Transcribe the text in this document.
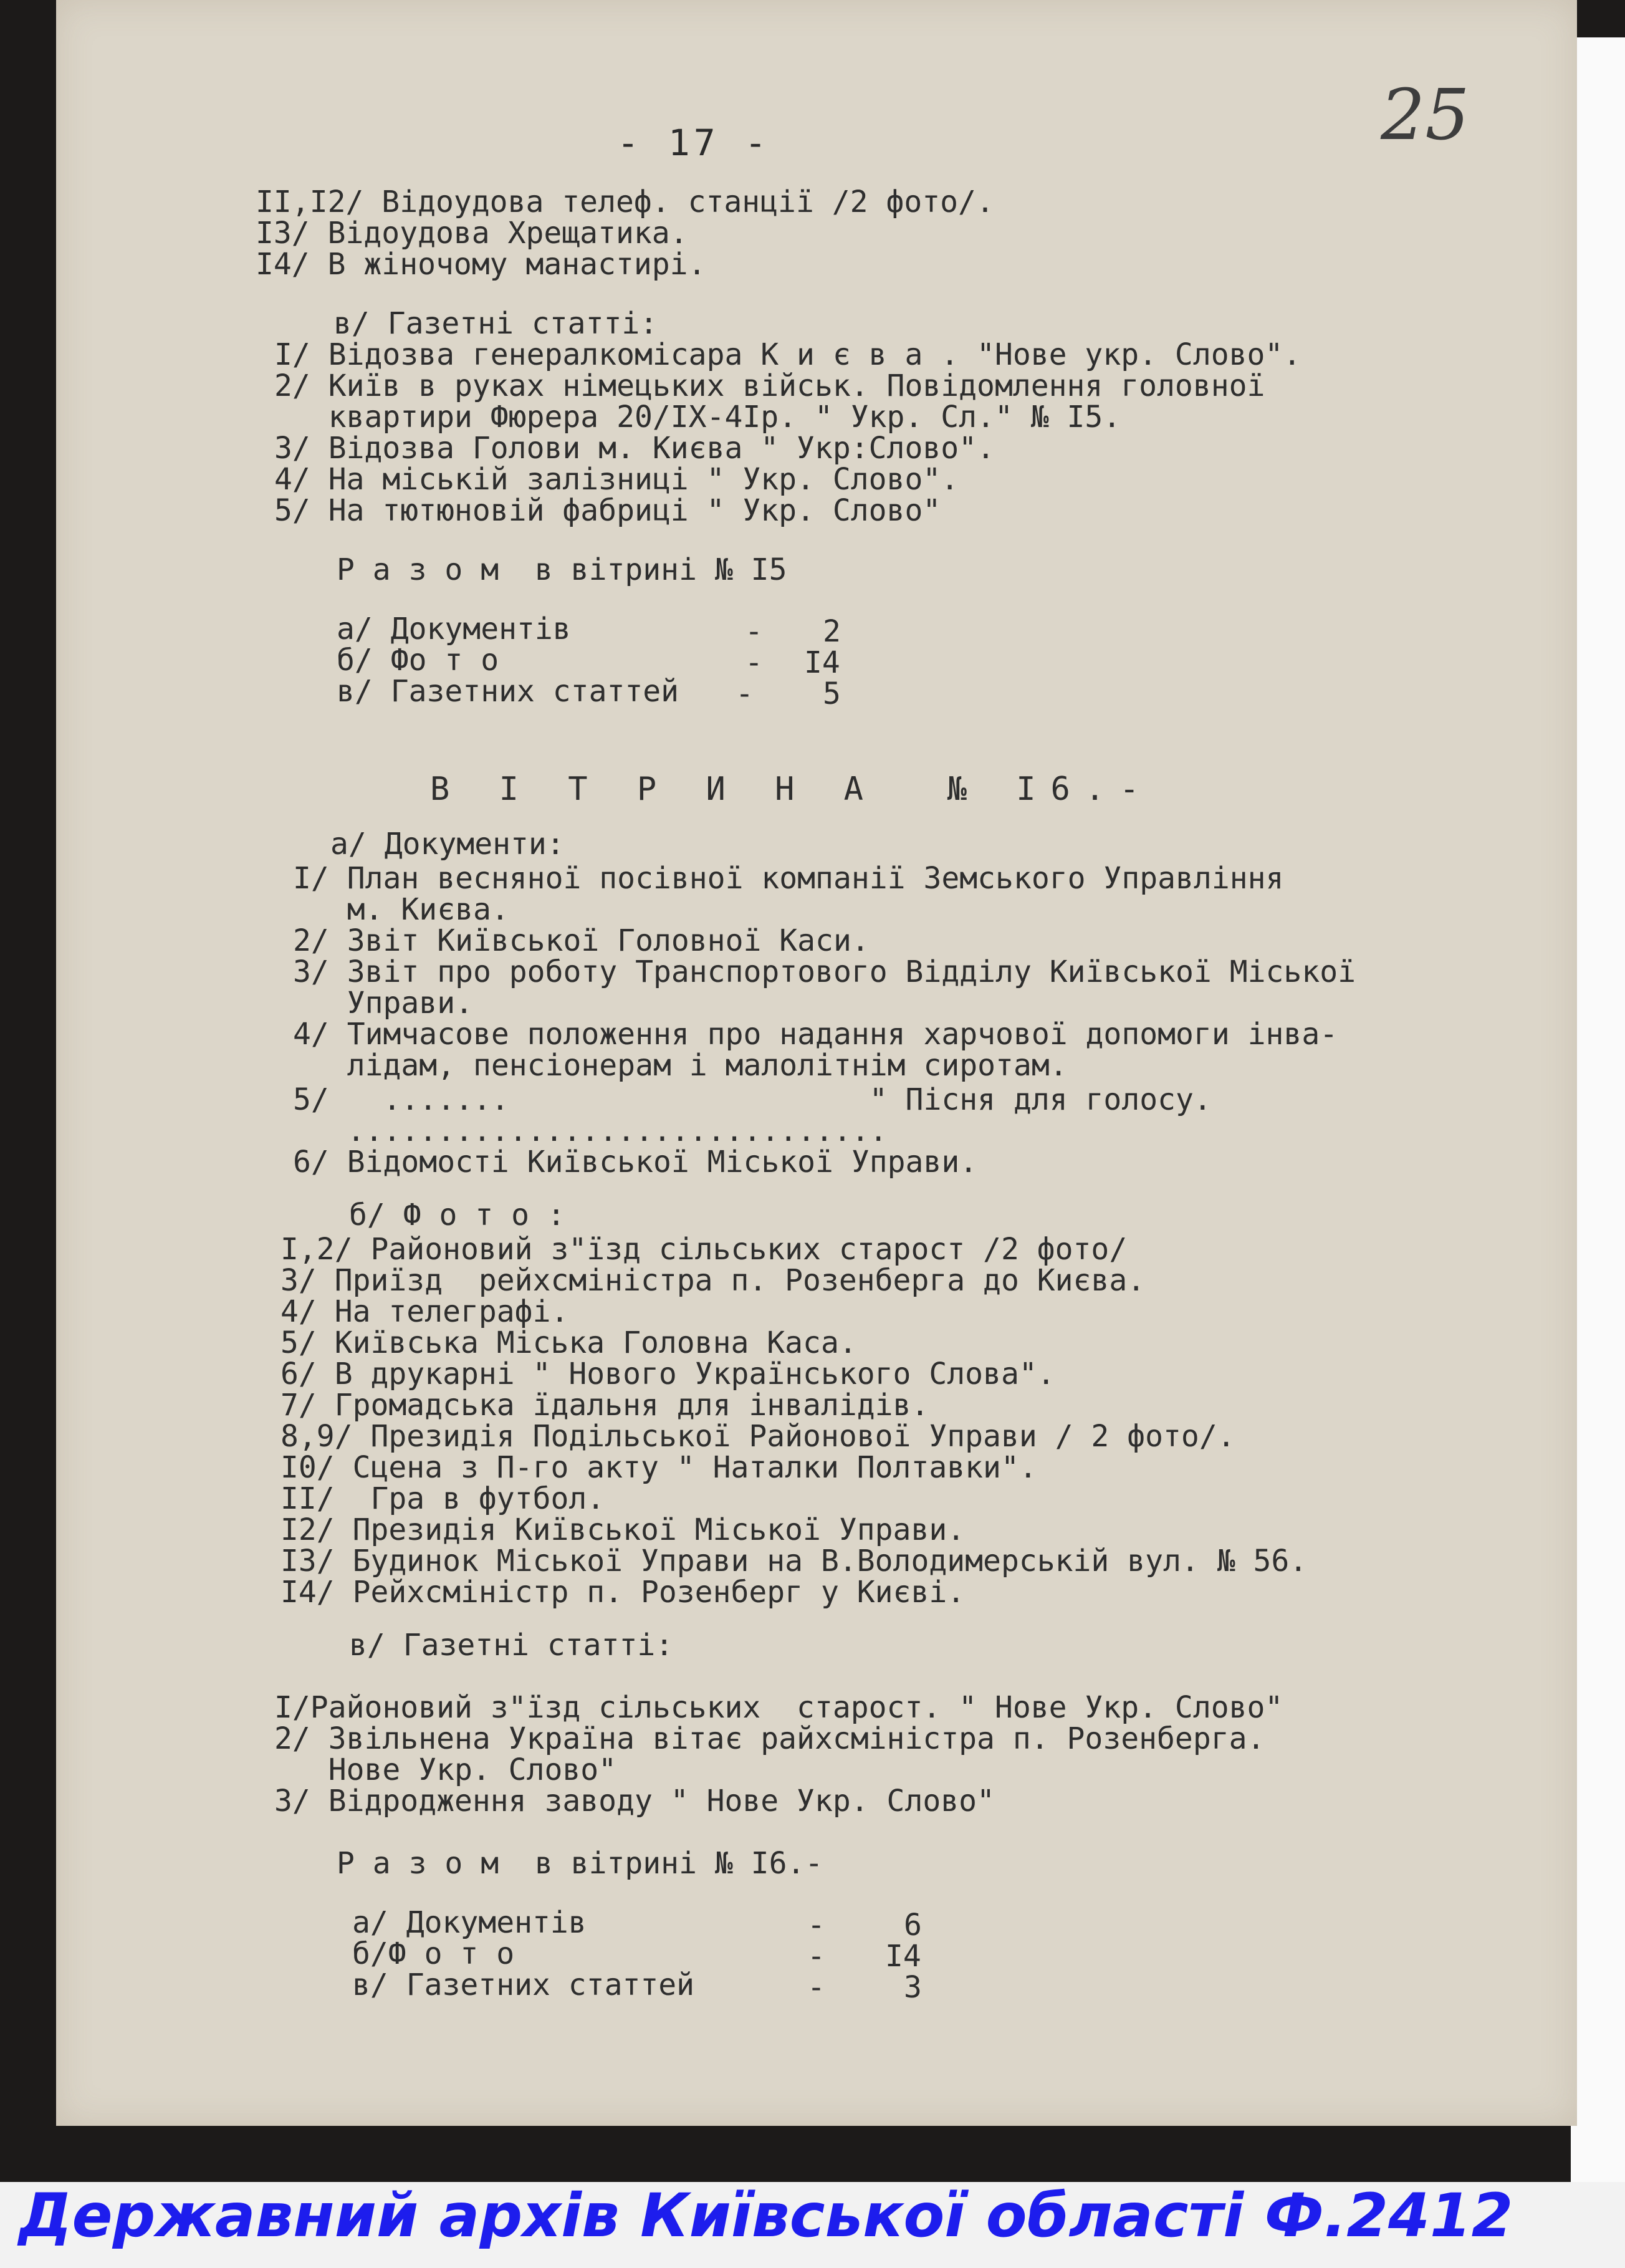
- 17 -	25
II,I2/ Відоудова телеф. станції /2 фото/.
I3/ Відоудова Хрещатика.
I4/ В жіночому манастирі.
в/ Газетні статті:
I/ Відозва генералкомісара К и є в а . "Нове укр. Слово".
2/ Київ в руках німецьких військ. Повідомлення головної
квартири Фюрера 20/IX-4Iр. " Укр. Сл." № I5.
3/ Відозва Голови м. Києва " Укр:Слово".
4/ На міській залізниці " Укр. Слово".
5/ На тютюновій фабриці " Укр. Слово"
Р а з о м  в вітрині № I5
а/ Документів	- 2
б/ Фо т о	- I4
в/ Газетних статтей - 5
В І Т Р И Н А  № I6.-
а/ Документи:
I/ План весняної посівної компанії Земського Управління
м. Києва.
2/ Звіт Київської Головної Каси.
3/ Звіт про роботу Транспортового Відділу Київської Міської
Управи.
4/ Тимчасове положення про надання харчової допомоги інва-
лідам, пенсіонерам і малолітнім сиротам.
5/   .......                    " Пісня для голосу.
..............................
6/ Відомості Київської Міської Управи.
б/ Ф о т о :
I,2/ Районовий з"їзд сільських старост /2 фото/
3/ Приїзд  рейхсміністра п. Розенберга до Києва.
4/ На телеграфі.
5/ Київська Міська Головна Каса.
6/ В друкарні " Нового Українського Слова".
7/ Громадська їдальня для інвалідів.
8,9/ Президія Подільської Районової Управи / 2 фото/.
I0/ Сцена з П-го акту " Наталки Полтавки".
II/  Гра в футбол.
I2/ Президія Київської Міської Управи.
I3/ Будинок Міської Управи на В.Володимерській вул. № 56.
I4/ Рейхсміністр п. Розенберг у Києві.
в/ Газетні статті:
I/Районовий з"їзд сільських  старост. " Нове Укр. Слово"
2/ Звільнена Україна вітає райхсміністра п. Розенберга.
Нове Укр. Слово"
3/ Відродження заводу " Нове Укр. Слово"
Р а з о м  в вітрині № I6.-
а/ Документів	-	6
б/Ф о т о	- I4
в/ Газетних статтей	-	3
Державний архів Київської області Ф.2412
